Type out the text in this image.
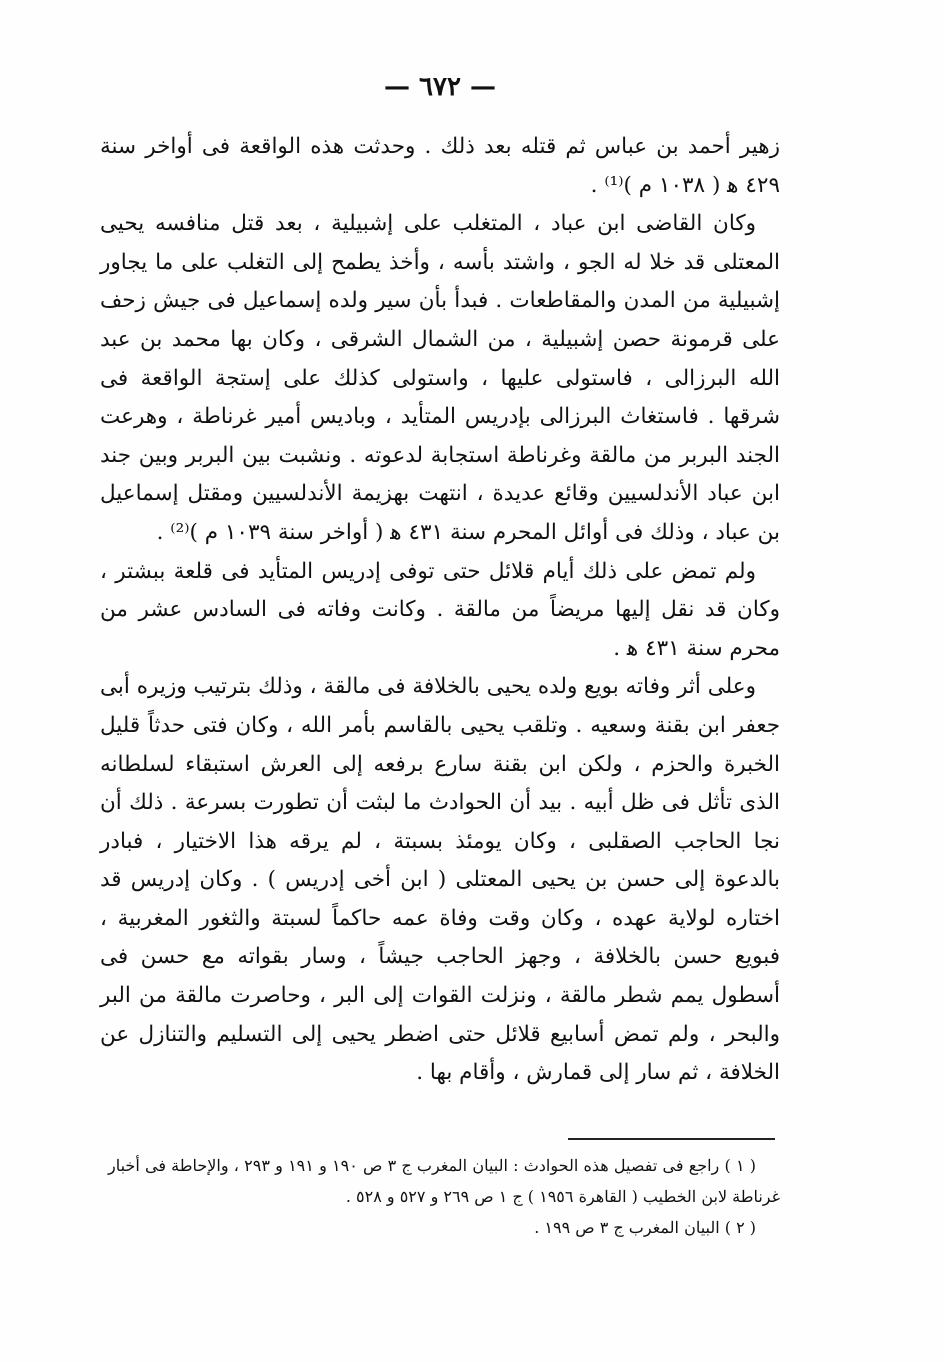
— ٦٧٢ —

زهير أحمد بن عباس ثم قتله بعد ذلك . وحدثت هذه الواقعة فى أواخر سنة ٤٢٩ ﻫ ( ١٠٣٨ م )⁽¹⁾ .

وكان القاضى ابن عباد ، المتغلب على إشبيلية ، بعد قتل منافسه يحيى المعتلى قد خلا له الجو ، واشتد بأسه ، وأخذ يطمح إلى التغلب على ما يجاور إشبيلية من المدن والمقاطعات . فبدأ بأن سير ولده إسماعيل فى جيش زحف على قرمونة حصن إشبيلية ، من الشمال الشرقى ، وكان بها محمد بن عبد الله البرزالى ، فاستولى عليها ، واستولى كذلك على إستجة الواقعة فى شرقها . فاستغاث البرزالى بإدريس المتأيد ، وباديس أمير غرناطة ، وهرعت الجند البربر من مالقة وغرناطة استجابة لدعوته . ونشبت بين البربر وبين جند ابن عباد الأندلسيين وقائع عديدة ، انتهت بهزيمة الأندلسيين ومقتل إسماعيل بن عباد ، وذلك فى أوائل المحرم سنة ٤٣١ ﻫ ( أواخر سنة ١٠٣٩ م )⁽²⁾ .

ولم تمض على ذلك أيام قلائل حتى توفى إدريس المتأيد فى قلعة ببشتر ، وكان قد نقل إليها مريضاً من مالقة . وكانت وفاته فى السادس عشر من محرم سنة ٤٣١ ﻫ .

وعلى أثر وفاته بويع ولده يحيى بالخلافة فى مالقة ، وذلك بترتيب وزيره أبى جعفر ابن بقنة وسعيه . وتلقب يحيى بالقاسم بأمر الله ، وكان فتى حدثاً قليل الخبرة والحزم ، ولكن ابن بقنة سارع برفعه إلى العرش استبقاء لسلطانه الذى تأثل فى ظل أبيه . بيد أن الحوادث ما لبثت أن تطورت بسرعة . ذلك أن نجا الحاجب الصقلبى ، وكان يومئذ بسبتة ، لم يرقه هذا الاختيار ، فبادر بالدعوة إلى حسن بن يحيى المعتلى ( ابن أخى إدريس ) . وكان إدريس قد اختاره لولاية عهده ، وكان وقت وفاة عمه حاكماً لسبتة والثغور المغربية ، فبويع حسن بالخلافة ، وجهز الحاجب جيشاً ، وسار بقواته مع حسن فى أسطول يمم شطر مالقة ، ونزلت القوات إلى البر ، وحاصرت مالقة من البر والبحر ، ولم تمض أسابيع قلائل حتى اضطر يحيى إلى التسليم والتنازل عن الخلافة ، ثم سار إلى قمارش ، وأقام بها .

( ١ ) راجع فى تفصيل هذه الحوادث : البيان المغرب ج ٣ ص ١٩٠ و ١٩١ و ٢٩٣ ، والإحاطة فى أخبار غرناطة لابن الخطيب ( القاهرة ١٩٥٦ ) ج ١ ص ٢٦٩ و ٥٢٧ و ٥٢٨ .

( ٢ ) البيان المغرب ج ٣ ص ١٩٩ .
